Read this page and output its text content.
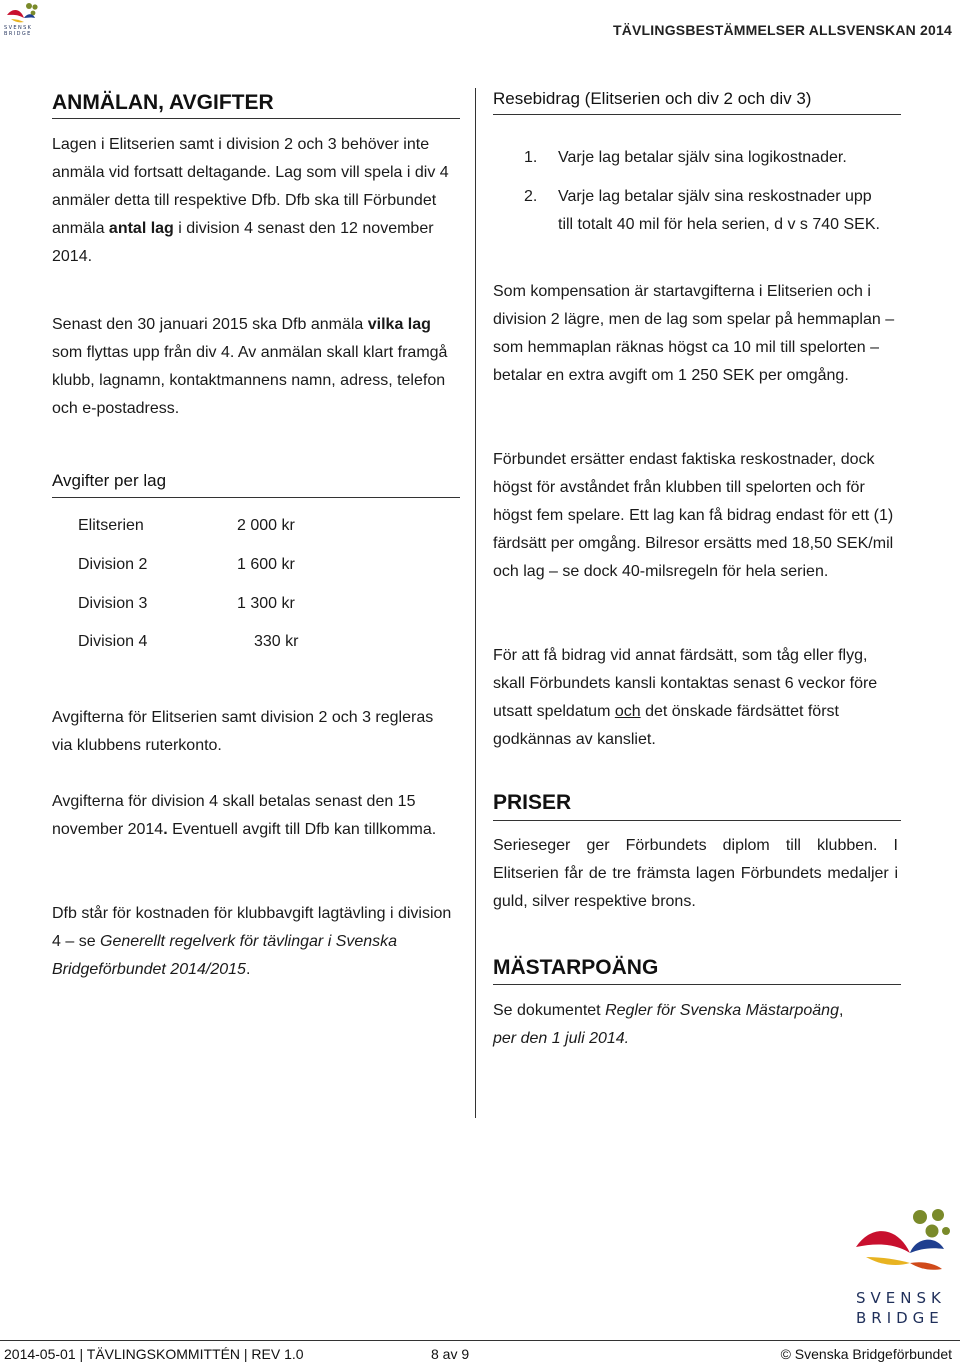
SVENSK
BRIDGE	TÄVLINGSBESTÄMMELSER ALLSVENSKAN 2014
ANMÄLAN, AVGIFTER

Lagen i Elitserien samt i division 2 och 3 behöver inte anmäla vid fortsatt deltagande. Lag som vill spela i div 4 anmäler detta till respektive Dfb. Dfb ska till Förbundet anmäla antal lag i division 4 senast den 12 november 2014.

Senast den 30 januari 2015 ska Dfb anmäla vilka lag som flyttas upp från div 4. Av anmälan skall klart framgå klubb, lagnamn, kontaktmannens namn, adress, telefon och e-postadress.

Avgifter per lag
Elitserien	2 000 kr
Division 2	1 600 kr
Division 3	1 300 kr
Division 4	330 kr

Avgifterna för Elitserien samt division 2 och 3 regleras via klubbens ruterkonto.

Avgifterna för division 4 skall betalas senast den 15 november 2014. Eventuell avgift till Dfb kan tillkomma.

Dfb står för kostnaden för klubbavgift lagtävling i division 4 – se Generellt regelverk för tävlingar i Svenska Bridgeförbundet 2014/2015.

Resebidrag (Elitserien och div 2 och div 3)
1. Varje lag betalar själv sina logikostnader.
2. Varje lag betalar själv sina reskostnader upp till totalt 40 mil för hela serien, d v s 740 SEK.

Som kompensation är startavgifterna i Elitserien och i division 2 lägre, men de lag som spelar på hemmaplan – som hemmaplan räknas högst ca 10 mil till spelorten – betalar en extra avgift om 1 250 SEK per omgång.

Förbundet ersätter endast faktiska reskostnader, dock högst för avståndet från klubben till spelorten och för högst fem spelare. Ett lag kan få bidrag endast för ett (1) färdsätt per omgång. Bilresor ersätts med 18,50 SEK/mil och lag – se dock 40-milsregeln för hela serien.

För att få bidrag vid annat färdsätt, som tåg eller flyg, skall Förbundets kansli kontaktas senast 6 veckor före utsatt speldatum och det önskade färdsättet först godkännas av kansliet.

PRISER

Serieseger ger Förbundets diplom till klubben. I Elitserien får de tre främsta lagen Förbundets medaljer i guld, silver respektive brons.

MÄSTARPOÄNG

Se dokumentet Regler för Svenska Mästarpoäng,
per den 1 juli 2014.

SVENSK
BRIDGE
2014-05-01 | TÄVLINGSKOMMITTÉN | REV 1.0	8 av 9	© Svenska Bridgeförbundet
